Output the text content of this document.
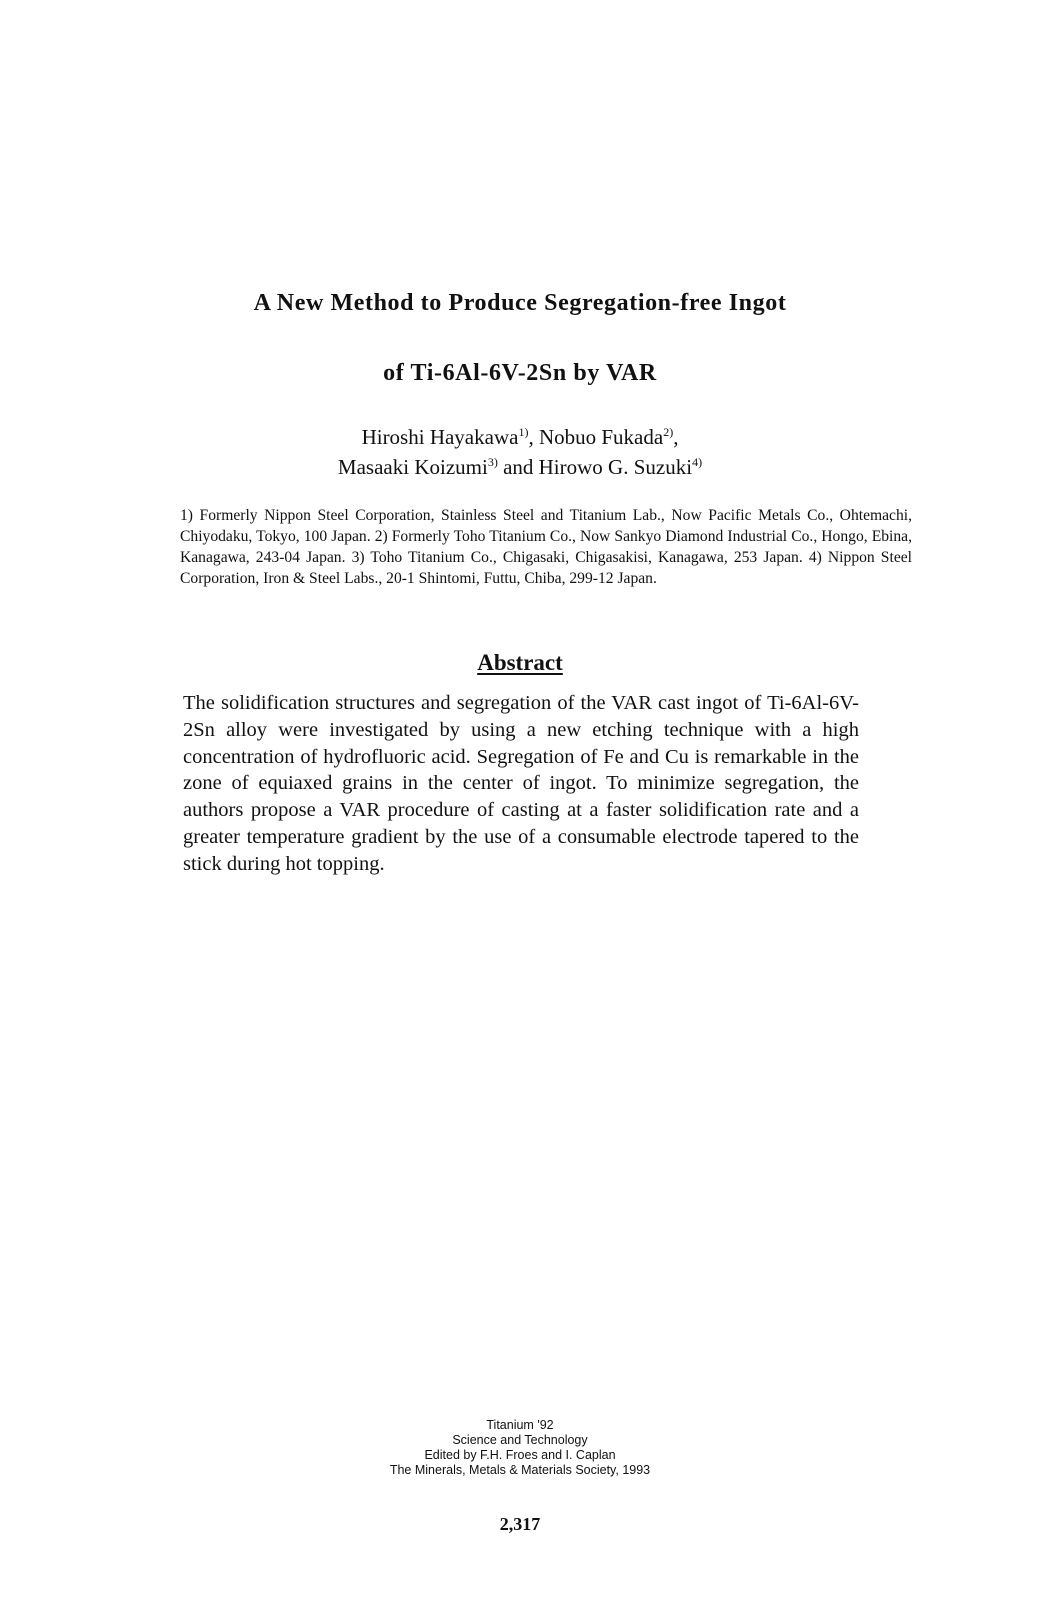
A New Method to Produce Segregation-free Ingot
of Ti-6Al-6V-2Sn by VAR
Hiroshi Hayakawa$^{1)}$, Nobuo Fukada$^{2)}$,
Masaaki Koizumi$^{3)}$ and Hirowo G. Suzuki$^{4)}$
1) Formerly Nippon Steel Corporation, Stainless Steel and Titanium Lab., Now Pacific Metals Co., Ohtemachi, Chiyodaku, Tokyo, 100 Japan. 2) Formerly Toho Titanium Co., Now Sankyo Diamond Industrial Co., Hongo, Ebina, Kanagawa, 243-04 Japan. 3) Toho Titanium Co., Chigasaki, Chigasakisi, Kanagawa, 253 Japan. 4) Nippon Steel Corporation, Iron & Steel Labs., 20-1 Shintomi, Futtu, Chiba, 299-12 Japan.
Abstract
The solidification structures and segregation of the VAR cast ingot of Ti-6Al-6V-2Sn alloy were investigated by using a new etching technique with a high concentration of hydrofluoric acid. Segregation of Fe and Cu is remarkable in the zone of equiaxed grains in the center of ingot. To minimize segregation, the authors propose a VAR procedure of casting at a faster solidification rate and a greater temperature gradient by the use of a consumable electrode tapered to the stick during hot topping.
Titanium '92
Science and Technology
Edited by F.H. Froes and I. Caplan
The Minerals, Metals & Materials Society, 1993
2,317
